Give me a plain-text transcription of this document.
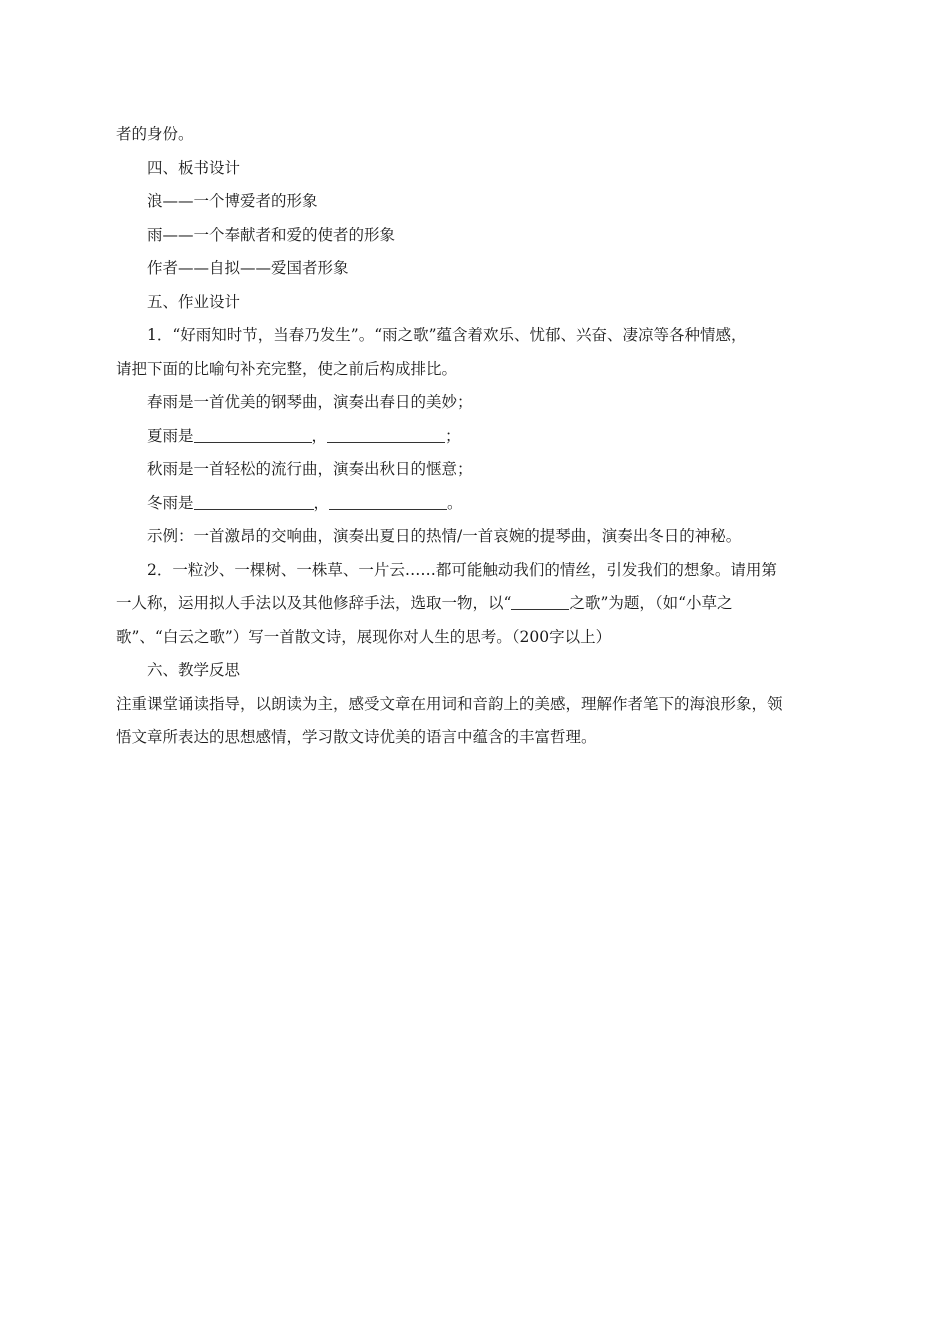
者的身份。

四、板书设计

浪——一个博爱者的形象

雨——一个奉献者和爱的使者的形象

作者——自拟——爱国者形象

五、作业设计

1．“好雨知时节，当春乃发生”。“雨之歌”蕴含着欢乐、忧郁、兴奋、凄凉等各种情感，

请把下面的比喻句补充完整，使之前后构成排比。

春雨是一首优美的钢琴曲，演奏出春日的美妙；

夏雨是	，	；

秋雨是一首轻松的流行曲，演奏出秋日的惬意；

冬雨是	，	。

示例：一首激昂的交响曲，演奏出夏日的热情/一首哀婉的提琴曲，演奏出冬日的神秘。

2．一粒沙、一棵树、一株草、一片云……都可能触动我们的情丝，引发我们的想象。请用第

一人称，运用拟人手法以及其他修辞手法，选取一物，以“	之歌”为题，（如“小草之

歌”、“白云之歌”）写一首散文诗，展现你对人生的思考。（200字以上）

六、教学反思

注重课堂诵读指导，以朗读为主，感受文章在用词和音韵上的美感，理解作者笔下的海浪形象，领

悟文章所表达的思想感情，学习散文诗优美的语言中蕴含的丰富哲理。
